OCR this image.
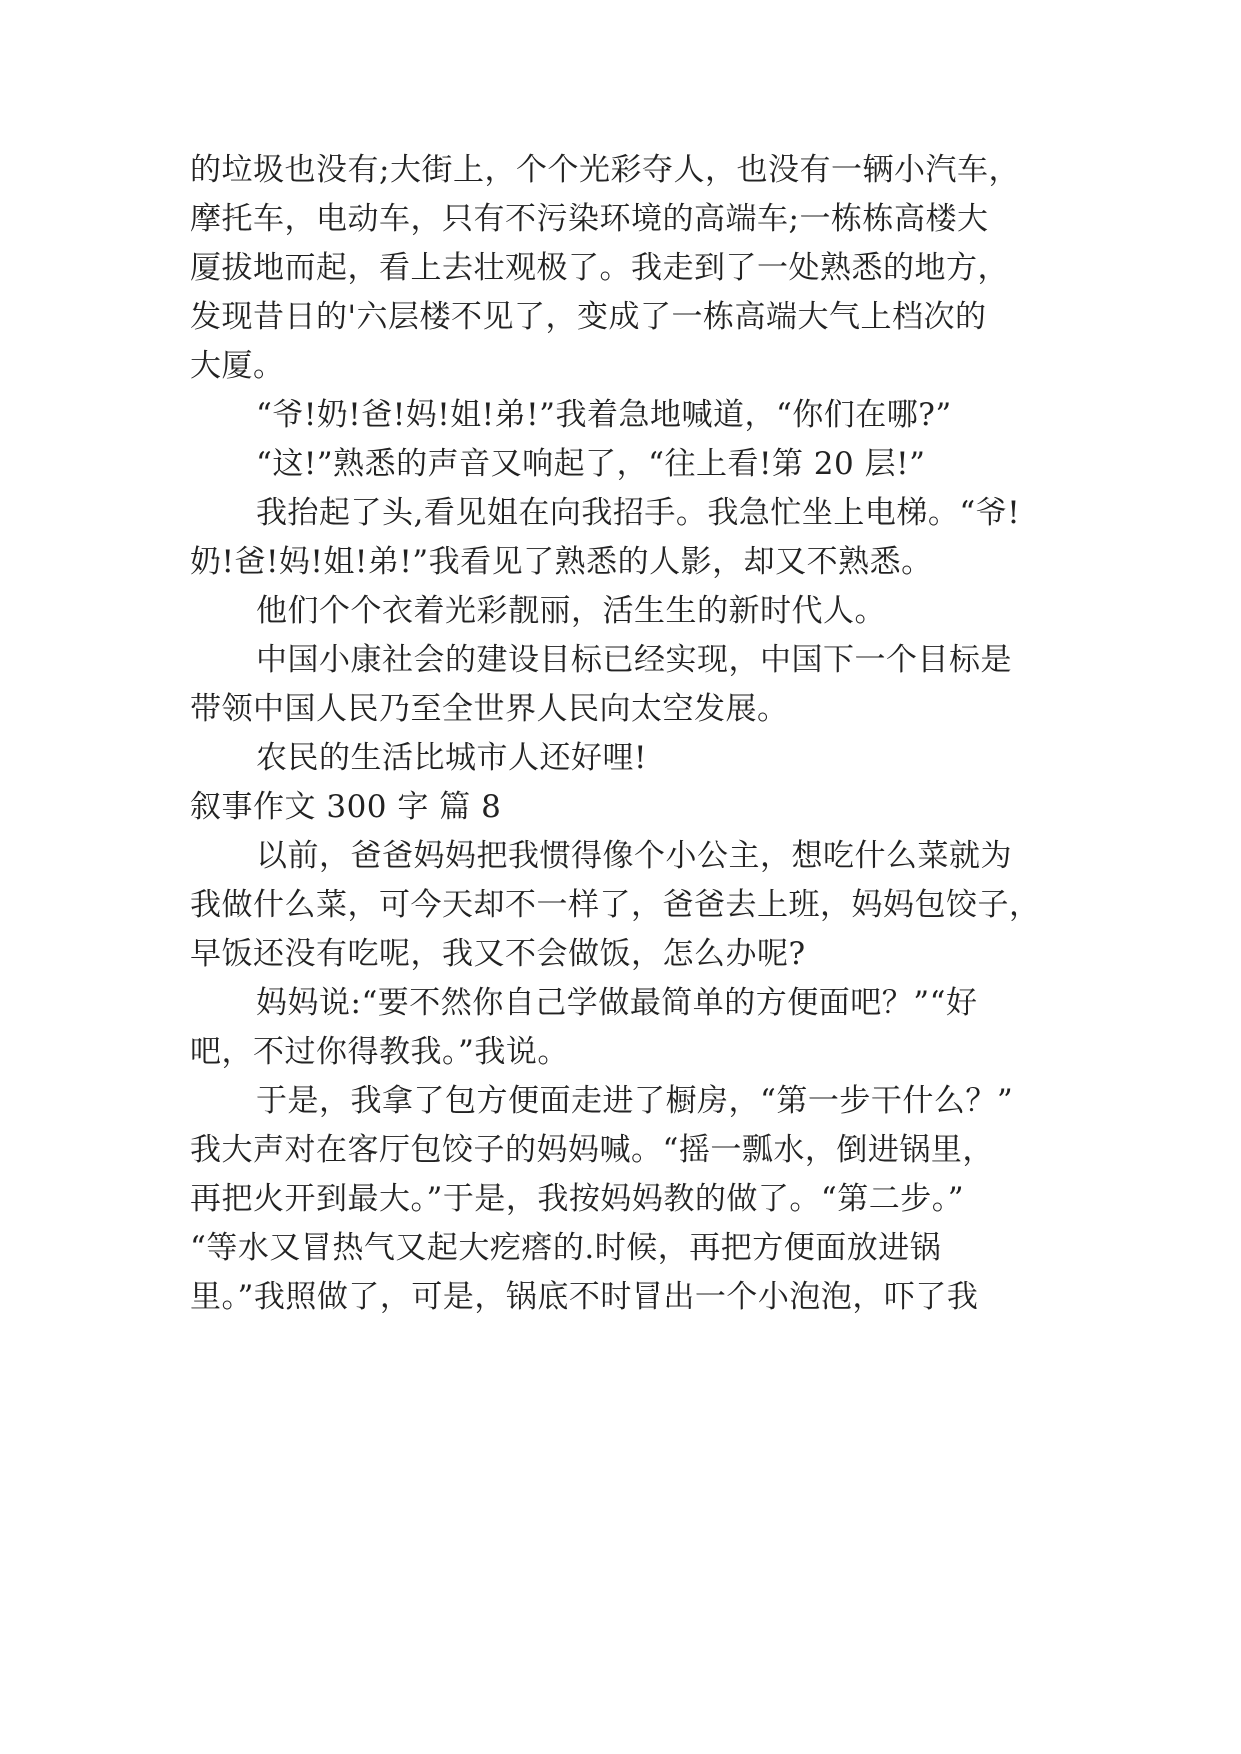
的垃圾也没有;大街上，个个光彩夺人，也没有一辆小汽车，
摩托车，电动车，只有不污染环境的高端车;一栋栋高楼大
厦拔地而起，看上去壮观极了。我走到了一处熟悉的地方，
发现昔日的'六层楼不见了，变成了一栋高端大气上档次的
大厦。
“爷!奶!爸!妈!姐!弟!”我着急地喊道，“你们在哪?”
“这!”熟悉的声音又响起了，“往上看!第 20 层!”
我抬起了头,看见姐在向我招手。我急忙坐上电梯。“爷!
奶!爸!妈!姐!弟!”我看见了熟悉的人影，却又不熟悉。
他们个个衣着光彩靓丽，活生生的新时代人。
中国小康社会的建设目标已经实现，中国下一个目标是
带领中国人民乃至全世界人民向太空发展。
农民的生活比城市人还好哩!
叙事作文 300 字 篇 8
以前，爸爸妈妈把我惯得像个小公主，想吃什么菜就为
我做什么菜，可今天却不一样了，爸爸去上班，妈妈包饺子，
早饭还没有吃呢，我又不会做饭，怎么办呢?
妈妈说:“要不然你自己学做最简单的方便面吧？”“好
吧，不过你得教我。”我说。
于是，我拿了包方便面走进了橱房，“第一步干什么？”
我大声对在客厅包饺子的妈妈喊。“摇一瓢水，倒进锅里，
再把火开到最大。”于是，我按妈妈教的做了。“第二步。”
“等水又冒热气又起大疙瘩的.时候，再把方便面放进锅
里。”我照做了，可是，锅底不时冒出一个小泡泡，吓了我
